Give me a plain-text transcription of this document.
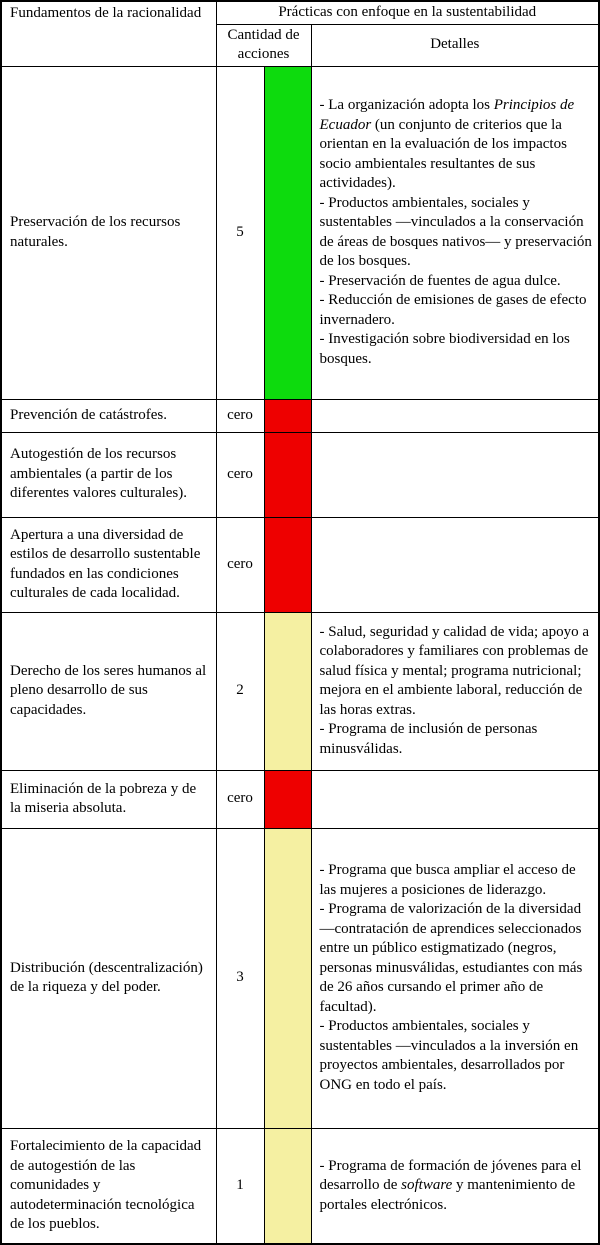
Fundamentos de la racionalidad	Prácticas con enfoque en la sustentabilidad		
	Cantidad de acciones		Detalles
Preservación de los recursos naturales.	5		- La organización adopta los Principios de Ecuador (un conjunto de criterios que la orientan en la evaluación de los impactos socio ambientales resultantes de sus actividades).

- Productos ambientales, sociales y sustentables —vinculados a la conservación de áreas de bosques nativos— y preservación de los bosques.

- Preservación de fuentes de agua dulce.

- Reducción de emisiones de gases de efecto invernadero.

- Investigación sobre biodiversidad en los bosques.

Prevención de catástrofes.	cero		
Autogestión de los recursos ambientales (a partir de los diferentes valores culturales).	cero		
Apertura a una diversidad de estilos de desarrollo sustentable fundados en las condiciones culturales de cada localidad.	cero		
Derecho de los seres humanos al pleno desarrollo de sus capacidades.	2		- Salud, seguridad y calidad de vida; apoyo a colaboradores y familiares con problemas de salud física y mental; programa nutricional; mejora en el ambiente laboral, reducción de las horas extras.

- Programa de inclusión de personas minusválidas.

Eliminación de la pobreza y de la miseria absoluta.	cero		
Distribución (descentralización) de la riqueza y del poder.	3		- Programa que busca ampliar el acceso de las mujeres a posiciones de liderazgo.

- Programa de valorización de la diversidad —contratación de aprendices seleccionados entre un público estigmatizado (negros, personas minusválidas, estudiantes con más de 26 años cursando el primer año de facultad).

- Productos ambientales, sociales y sustentables —vinculados a la inversión en proyectos ambientales, desarrollados por ONG en todo el país.

Fortalecimiento de la capacidad de autogestión de las comunidades y autodeterminación tecnológica de los pueblos.	1		- Programa de formación de jóvenes para el desarrollo de software y mantenimiento de portales electrónicos.
